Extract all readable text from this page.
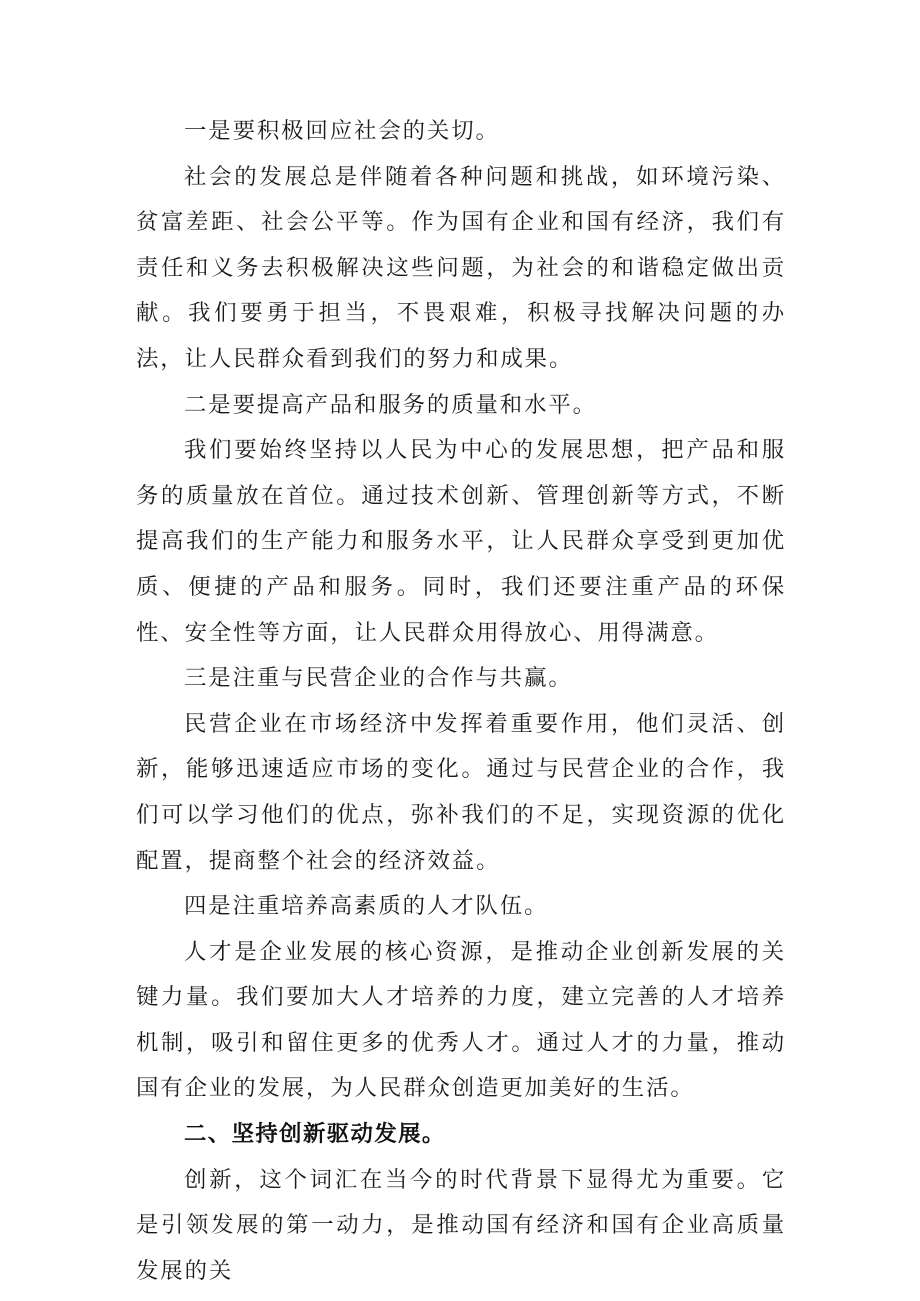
一是要积极回应社会的关切。

社会的发展总是伴随着各种问题和挑战，如环境污染、贫富差距、社会公平等。作为国有企业和国有经济，我们有责任和义务去积极解决这些问题，为社会的和谐稳定做出贡献。我们要勇于担当，不畏艰难，积极寻找解决问题的办法，让人民群众看到我们的努力和成果。

二是要提高产品和服务的质量和水平。

我们要始终坚持以人民为中心的发展思想，把产品和服务的质量放在首位。通过技术创新、管理创新等方式，不断提高我们的生产能力和服务水平，让人民群众享受到更加优质、便捷的产品和服务。同时，我们还要注重产品的环保性、安全性等方面，让人民群众用得放心、用得满意。

三是注重与民营企业的合作与共赢。

民营企业在市场经济中发挥着重要作用，他们灵活、创新，能够迅速适应市场的变化。通过与民营企业的合作，我们可以学习他们的优点，弥补我们的不足，实现资源的优化配置，提商整个社会的经济效益。

四是注重培养高素质的人才队伍。

人才是企业发展的核心资源，是推动企业创新发展的关键力量。我们要加大人才培养的力度，建立完善的人才培养机制，吸引和留住更多的优秀人才。通过人才的力量，推动国有企业的发展，为人民群众创造更加美好的生活。

二、坚持创新驱动发展。

创新，这个词汇在当今的时代背景下显得尤为重要。它是引领发展的第一动力，是推动国有经济和国有企业高质量发展的关
